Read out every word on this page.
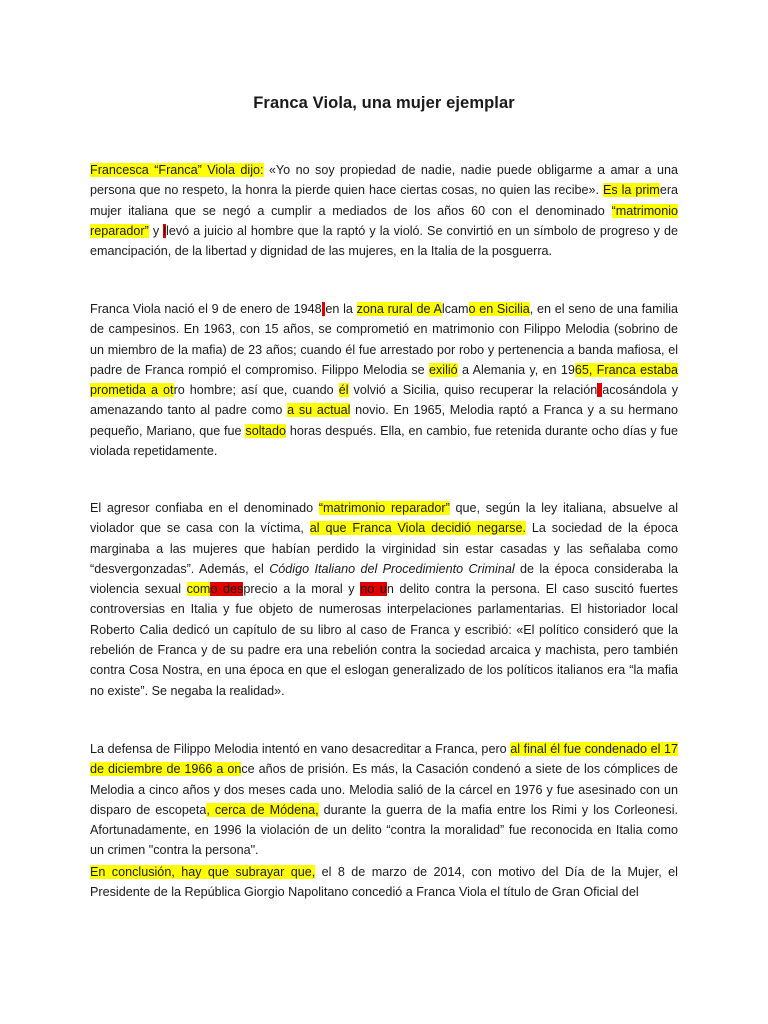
Franca Viola, una mujer ejemplar
Francesca “Franca” Viola dijo: «Yo no soy propiedad de nadie, nadie puede obligarme a amar a una persona que no respeto, la honra la pierde quien hace ciertas cosas, no quien las recibe». Es la primera mujer italiana que se negó a cumplir a mediados de los años 60 con el denominado “matrimonio reparador” y llevó a juicio al hombre que la raptó y la violó. Se convirtió en un símbolo de progreso y de emancipación, de la libertad y dignidad de las mujeres, en la Italia de la posguerra.
Franca Viola nació el 9 de enero de 1948 en la zona rural de Alcamo en Sicilia, en el seno de una familia de campesinos. En 1963, con 15 años, se comprometió en matrimonio con Filippo Melodia (sobrino de un miembro de la mafia) de 23 años; cuando él fue arrestado por robo y pertenencia a banda mafiosa, el padre de Franca rompió el compromiso. Filippo Melodia se exilió a Alemania y, en 1965, Franca estaba prometida a otro hombre; así que, cuando él volvió a Sicilia, quiso recuperar la relación acosándola y amenazando tanto al padre como a su actual novio. En 1965, Melodia raptó a Franca y a su hermano pequeño, Mariano, que fue soltado horas después. Ella, en cambio, fue retenida durante ocho días y fue violada repetidamente.
El agresor confiaba en el denominado “matrimonio reparador” que, según la ley italiana, absuelve al violador que se casa con la víctima, al que Franca Viola decidió negarse. La sociedad de la época marginaba a las mujeres que habían perdido la virginidad sin estar casadas y las señalaba como “desvergonzadas”. Además, el Código Italiano del Procedimiento Criminal de la época consideraba la violencia sexual como desprecio a la moral y no un delito contra la persona. El caso suscitó fuertes controversias en Italia y fue objeto de numerosas interpelaciones parlamentarias. El historiador local Roberto Calia dedicó un capítulo de su libro al caso de Franca y escribió: «El político consideró que la rebelión de Franca y de su padre era una rebelión contra la sociedad arcaica y machista, pero también contra Cosa Nostra, en una época en que el eslogan generalizado de los políticos italianos era “la mafia no existe”. Se negaba la realidad».
La defensa de Filippo Melodia intentó en vano desacreditar a Franca, pero al final él fue condenado el 17 de diciembre de 1966 a once años de prisión. Es más, la Casación condenó a siete de los cómplices de Melodia a cinco años y dos meses cada uno. Melodia salió de la cárcel en 1976 y fue asesinado con un disparo de escopeta, cerca de Módena, durante la guerra de la mafia entre los Rimi y los Corleonesi. Afortunadamente, en 1996 la violación de un delito “contra la moralidad” fue reconocida en Italia como un crimen "contra la persona".
En conclusión, hay que subrayar que, el 8 de marzo de 2014, con motivo del Día de la Mujer, el Presidente de la República Giorgio Napolitano concedió a Franca Viola el título de Gran Oficial del
